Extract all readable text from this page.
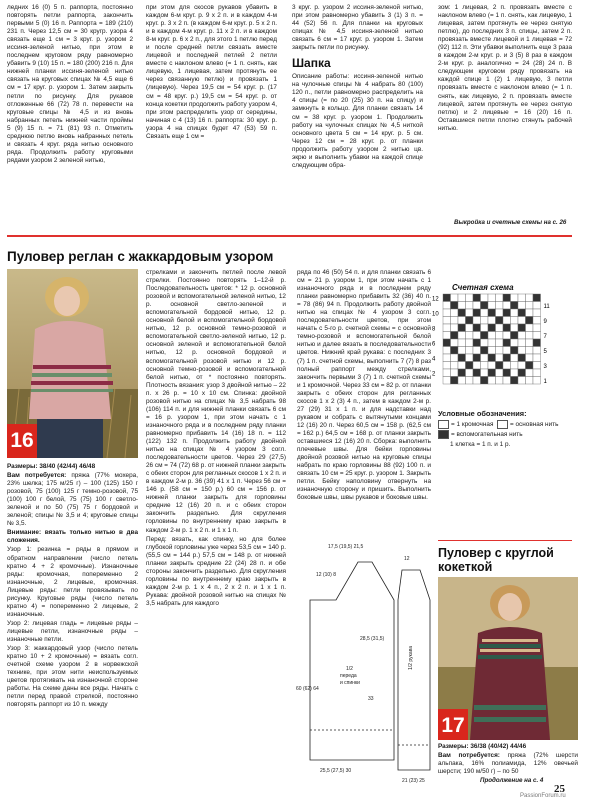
ледних 16 (0) 5 п. раппорта, постоянно повторять петли раппорта, закончить первыми 5 (0) 16 п. Раппорта = 189 (210) 231 п. Через 12,5 см = 30 кругр. узора 4 связать еще 1 см = 3 круг. р. узором 2 иссиня-зеленой нитью, при этом в последнем круговом ряду равномерно убавить 9 (10) 15 п. = 180 (200) 216 п. Для нижней планки иссиня-зеленой нитью связать на круговых спицах № 4,5 еще 6 см = 17 круг. р. узором 1. Затем закрыть петли по рисунку. Для рукавов отложенные 66 (72) 78 п. перевести на круговые спицы № 4,5 и из вновь набранных петель нижней части проймы 5 (9) 15 п. = 71 (81) 93 п. Отметить среднюю петлю вновь набранных петель и связать 4 круг. ряда нитью основного ряда. Продолжить работу круговыми рядами узором 2 зеленой нитью,

при этом для скосов рукавов убавить в каждом 6-м круг. р. 9 x 2 п. и в каждом 4-м круг. р. 3 x 2 п. (в каждом 6-м круг. р. 5 x 2 п. и в каждом 4-м круг. р. 11 x 2 п. и в каждом 8-м круг. р. 6 x 2 п., для этого 1 петлю перед и после средней петли связать вместе лицевой и последней петлей 2 петли вместе с наклоном влево (= 1 п. снять, как лицевую, 1 лицевая, затем протянуть ее через связанную петлю) и провязать 1 (лицевую). Через 19,5 см = 54 круг. р. (17 см = 48 круг. р.) 19,5 см = 54 круг. р. от конца кокетки продолжить работу узором 4, при этом распределить узор от середины, начиная с 4 (13) 16 п. раппорта: 30 круг. р. узора 4 на спицах будет 47 (53) 59 п. Связать еще 1 см =

3 круг. р. узором 2 иссиня-зеленой нитью, при этом равномерно убавить 3 (1) 3 п. = 44 (52) 56 п. Для планки на круговых спицах № 4,5 иссиня-зеленой нитью связать 6 см = 17 круг. р. узором 1. Затем закрыть петли по рисунку.

Шапка

Описание работы: иссиня-зеленой нитью на чулочные спицы № 4 набрать 80 (100) 120 п., петли равномерно распределить на 4 спицы (= по 20 (25) 30 п. на спицу) и замкнуть в кольцо. Для планки связать 14 см = 38 круг. р. узором 1. Продолжить работу на чулочных спицах № 4,5 ниткой основного цвета 5 см = 14 круг. р. 5 см. Через 12 см = 28 круг. р. от планки продолжить работу узором 2 нитью цв. экрю и выполнить убавки на каждой спице следующим обра-

зом: 1 лицевая, 2 п. провязать вместе с наклоном влево (= 1 п. снять, как лицевую, 1 лицевая, затем протянуть ее через снятую петлю), до последних 3 п. спицы, затем 2 п. провязать вместе лицевой и 1 лицевая = 72 (92) 112 п. Эти убавки выполнить еще 3 раза в каждом 2-м круг. р. и 3 (5) 8 раз в каждом 2-м круг. р. аналогично = 24 (28) 24 п. В следующем круговом ряду провязать на каждой спице 1 (2) 1 лицевую, 3 петли провязать вместе с наклоном влево (= 1 п. снять, как лицевую, 2 п. провязать вместе лицевой, затем протянуть ее через снятую петлю) и 2 лицевые = 16 (20) 16 п. Оставшиеся петли плотно стянуть рабочей нитью.

Выкройка и счетные схемы на с. 26
Пуловер реглан с жаккардовым узором
16

Размеры: 38/40 (42/44) 46/48

Вам потребуется: пряжа (77% мохера, 23% шелка; 175 м/25 г) – 100 (125) 150 г розовой, 75 (100) 125 г темно-розовой, 75 (100) 100 г белой, 75 (75) 100 г светло-зеленой и по 50 (75) 75 г бордовой и зеленой; спицы № 3,5 и 4; круговые спицы № 3,5.

Внимание: вязать только нитью в два сложения.

Узор 1: резинка = ряды в прямом и обратном направлении (число петель кратно 4 + 2 кромочные). Изнаночные ряды: кромочная, попеременно 2 изнаночные, 2 лицевые, кромочная. Лицевые ряды: петли провязывать по рисунку. Круговые ряды (число петель кратно 4) = попеременно 2 лицевые, 2 изнаночные.

Узор 2: лицевая гладь = лицевые ряды – лицевые петли, изнаночные ряды – изнаночные петли.

Узор 3: жаккардовый узор (число петель кратно 10 + 2 кромочные) = вязать согл. счетной схеме узором 2 в норвежской технике, при этом нити неиспользуемых цветов протягивать на изнаночной стороне работы. На схеме даны все ряды. Начать с петли перед правой стрелкой, постоянно повторять раппорт из 10 п. между

стрелками и закончить петлей после левой стрелки. Постоянно повторять 1–12-й р. Последовательность цветов: * 12 р. основной розовой и вспомогательной зеленой нитью, 12 р. основной светло-зеленой и вспомогательной бордовой нитью, 12 р. основной белой и вспомогательной бордовой нитью, 12 р. основной темно-розовой и вспомогательной светло-зеленой нитью, 12 р. основной зеленой и вспомогательной белой нитью, 12 р. основной бордовой и вспомогательной розовой нитью и 12 р. основной темно-розовой и вспомогательной белой нитью, от * постоянно повторять. Плотность вязания: узор 3 двойной нитью – 22 п. x 26 р. = 10 x 10 см. Спинка: двойной розовой нитью на спицах № 3,5 набрать 98 (106) 114 п. и для нижней планки связать 6 см = 16 р. узором 1, при этом начать с 1 изнаночного ряда и в последнем ряду планки равномерно прибавить 14 (16) 18 п. = 112 (122) 132 п. Продолжить работу двойной нитью на спицах № 4 узором 3 согл. последовательности цветов. Через 29 (27,5) 26 см = 74 (72) 68 р. от нижней планки закрыть с обеих сторон для регланных скосов 1 x 2 п. и в каждом 2-м р. 36 (39) 41 x 1 п. Через 56 см = 146 р. (58 см = 150 р.) 60 см = 156 р. от нижней планки закрыть для горловины средние 12 (16) 20 п. и с обеих сторон закончить раздельно. Для скругления горловины по внутреннему краю закрыть в каждом 2-м р. 1 x 2 п. и 1 x 1 п.

Перед: вязать, как спинку, но для более глубокой горловины уже через 53,5 см = 140 р. (55,5 см = 144 р.) 57,5 см = 148 р. от нижней планки закрыть средние 22 (24) 28 п. и обе стороны закончить раздельно. Для скругления горловины по внутреннему краю закрыть в каждом 2-м р. 1 x 4 п., 2 x 2 п. и 1 x 1 п. Рукава: двойной розовой нитью на спицах № 3,5 набрать для каждого

ряда по 46 (50) 54 п. и для планки связать 6 см = 21 р. узором 1, при этом начать с 1 изнаночного ряда и в последнем ряду планки равномерно прибавить 32 (36) 40 п. = 78 (86) 94 п. Продолжить работу двойной нитью на спицах № 4 узором 3 согл. последовательности цветов, при этом начать с 5-го р. счетной схемы = с основной темно-розовой и вспомогательной белой нитью и далее вязать в последовательности цветов. Нижний край рукава: с последних 3 (7) 1 п. счетной схемы, выполнить 7 (7) 8 раз полный раппорт между стрелками, закончить первыми 3 (7) 1 п. счетной схемы и 1 кромочной. Через 33 см = 82 р. от планки закрыть с обеих сторон для регланных скосов 1 x 2 (3) 4 п., затем в каждом 2-м р. 27 (29) 31 x 1 п. и для надставки над рукавом и собрать с вытянутыми концами 12 (16) 20 п. Через 60,5 см = 158 р. (62,5 см = 162 р.) 64,5 см = 168 р. от планки закрыть оставшиеся 12 (16) 20 п. Сборка: выполнить плечевые швы. Для бейки горловины двойной розовой нитью на круговые спицы набрать по краю горловины 88 (92) 100 п. и связать 10 см = 25 круг. р. узором 1. Закрыть петли. Бейку наполовину отвернуть на изнаночную сторону и пришить. Выполнить боковые швы, швы рукавов и боковые швы.

Счетная схема
12
10
8
6
4
2
11
9
7
5
3
1

Условные обозначения:

= 1 кромочная	= основная нить

= вспомогательная нить

1 клетка = 1 п. и 1 р.

1/2
переда
и спинки
1/2 рукава
17,5 (19,5) 21,5
12 (10) 8
60 (62) 64
28,5 (31,5)
33
25,5 (27,5) 30
12
21 (23) 25
Пуловер с круглой
кокеткой
17

Размеры: 36/38 (40/42) 44/46

Вам потребуется: пряжа (72% шерсти альпака, 16% полиамида, 12% овечьей шерсти; 190 м/50 г) – по 50

Продолжение на с. 4
25
PassionForum.ru
